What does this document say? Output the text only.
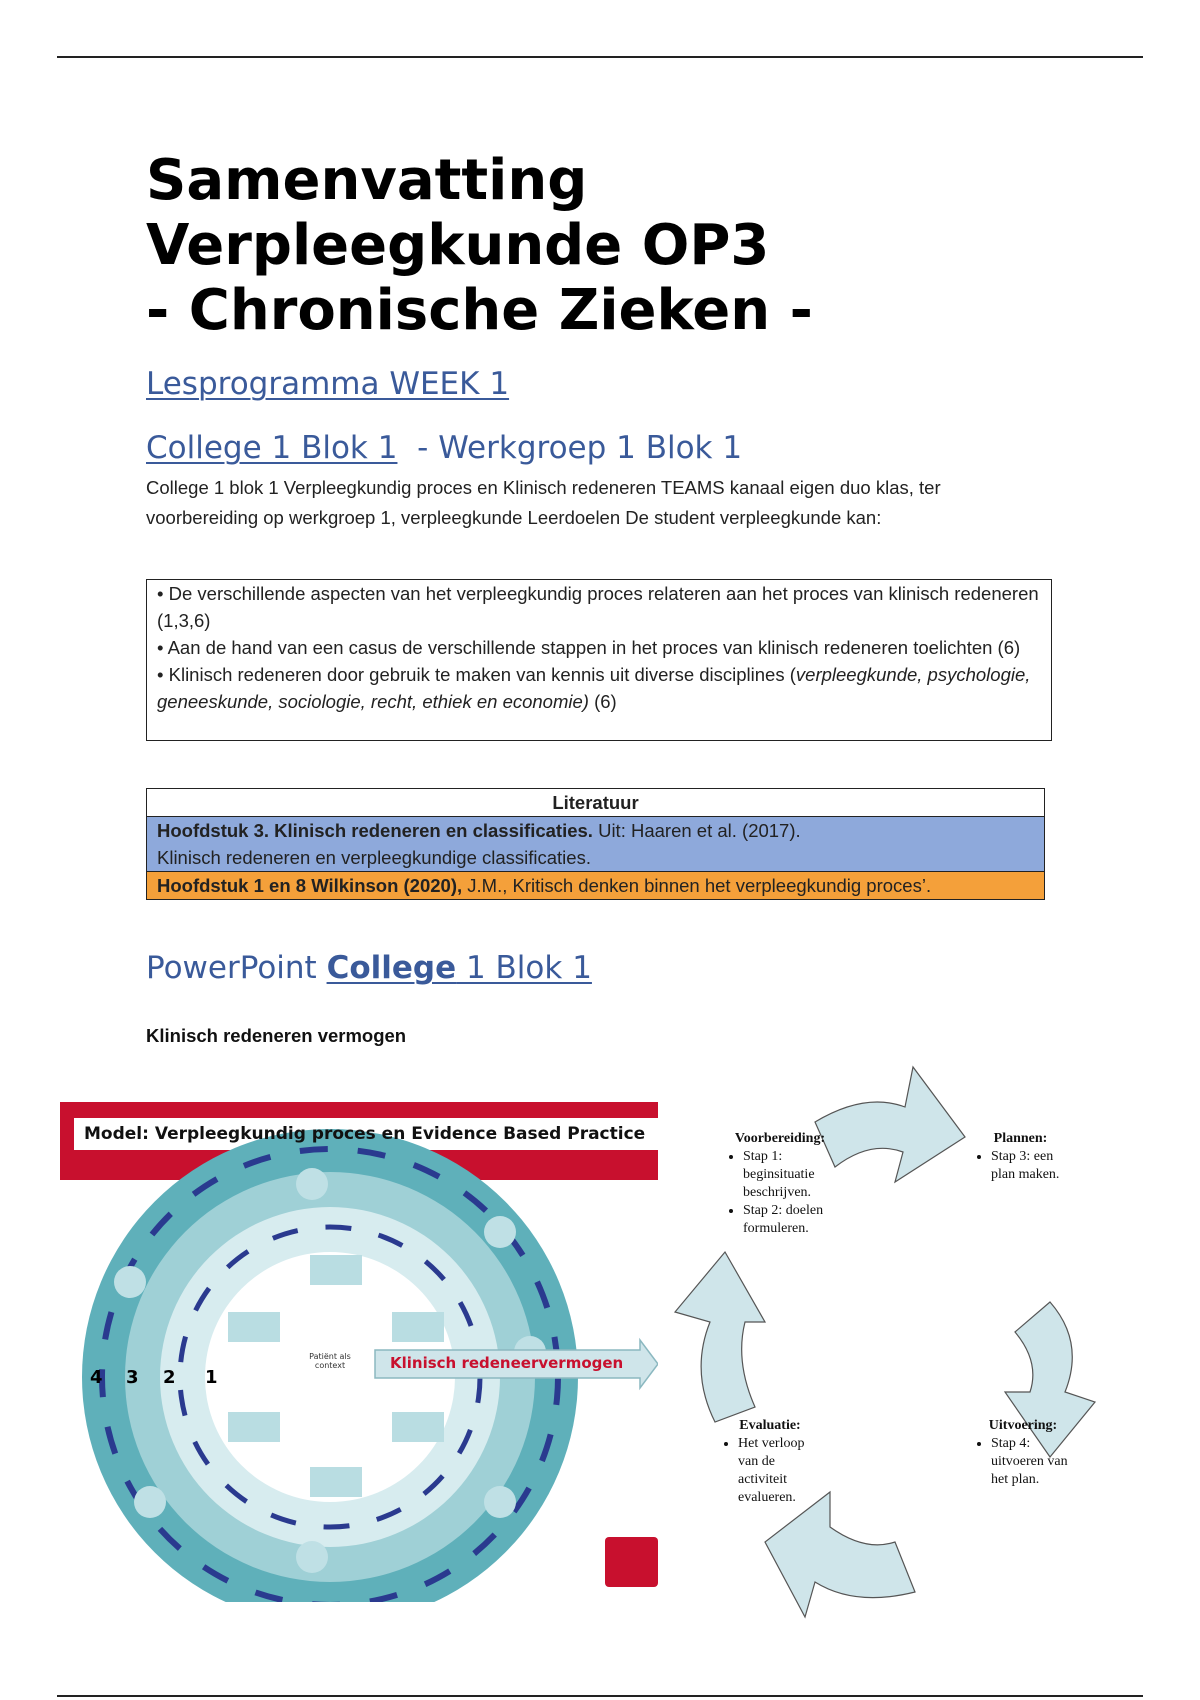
Samenvatting
Verpleegkunde OP3
- Chronische Zieken -
Lesprogramma WEEK 1
College 1 Blok 1  - Werkgroep 1 Blok 1
College 1 blok 1 Verpleegkundig proces en Klinisch redeneren TEAMS kanaal eigen duo klas, ter voorbereiding op werkgroep 1, verpleegkunde Leerdoelen De student verpleegkunde kan:

• De verschillende aspecten van het verpleegkundig proces relateren aan het proces van klinisch redeneren (1,3,6)

• Aan de hand van een casus de verschillende stappen in het proces van klinisch redeneren toelichten (6)

• Klinisch redeneren door gebruik te maken van kennis uit diverse disciplines (verpleegkunde, psychologie, geneeskunde, sociologie, recht, ethiek en economie) (6)

Literatuur
Hoofdstuk 3. Klinisch redeneren en classificaties. Uit: Haaren et al. (2017).
Klinisch redeneren en verpleegkundige classificaties.
Hoofdstuk 1 en 8 Wilkinson (2020), J.M., Kritisch denken binnen het verpleegkundig proces’.
PowerPoint College 1 Blok 1
Klinisch redeneren vermogen
Model: Verpleegkundig proces en Evidence Based Practice
Klinisch redeneervermogen
Patiënt als context
4 3 2 1
Voorbereiding:
• Stap 1: beginsituatie beschrijven.
• Stap 2: doelen formuleren.
Plannen:
• Stap 3: een plan maken.
Uitvoering:
• Stap 4: uitvoeren van het plan.
Evaluatie:
• Het verloop van de activiteit evalueren.
